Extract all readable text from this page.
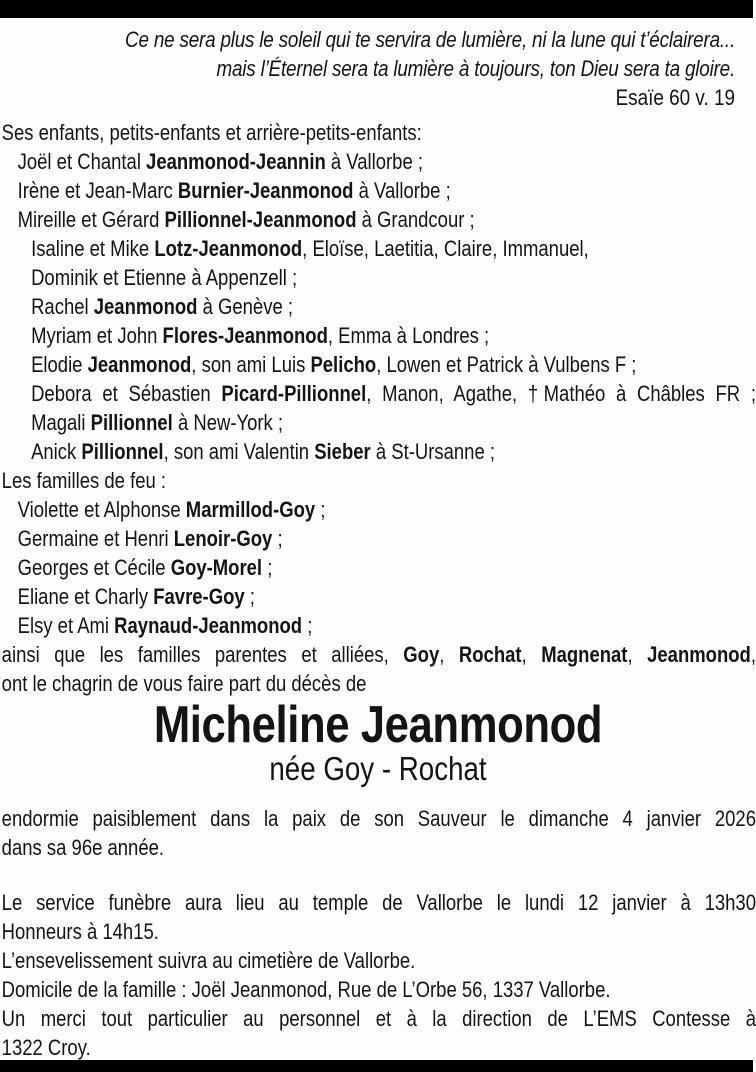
Ce ne sera plus le soleil qui te servira de lumière, ni la lune qui t’éclairera...
mais l’Éternel sera ta lumière à toujours, ton Dieu sera ta gloire.
Esaïe 60 v. 19
Ses enfants, petits-enfants et arrière-petits-enfants:
Joël et Chantal Jeanmonod-Jeannin à Vallorbe ;
Irène et Jean-Marc Burnier-Jeanmonod à Vallorbe ;
Mireille et Gérard Pillionnel-Jeanmonod à Grandcour ;
Isaline et Mike Lotz-Jeanmonod, Eloïse, Laetitia, Claire, Immanuel,
Dominik et Etienne à Appenzell ;
Rachel Jeanmonod à Genève ;
Myriam et John Flores-Jeanmonod, Emma à Londres ;
Elodie Jeanmonod, son ami Luis Pelicho, Lowen et Patrick à Vulbens F ;
Debora et Sébastien Picard-Pillionnel, Manon, Agathe, †Mathéo à Châbles FR ;
Magali Pillionnel à New-York ;
Anick Pillionnel, son ami Valentin Sieber à St-Ursanne ;
Les familles de feu :
Violette et Alphonse Marmillod-Goy ;
Germaine et Henri Lenoir-Goy ;
Georges et Cécile Goy-Morel ;
Eliane et Charly Favre-Goy ;
Elsy et Ami Raynaud-Jeanmonod ;
ainsi que les familles parentes et alliées, Goy, Rochat, Magnenat, Jeanmonod,
ont le chagrin de vous faire part du décès de
Micheline Jeanmonod
née Goy - Rochat
endormie paisiblement dans la paix de son Sauveur le dimanche 4 janvier 2026
dans sa 96e année.
Le service funèbre aura lieu au temple de Vallorbe le lundi 12 janvier à 13h30
Honneurs à 14h15.
L’ensevelissement suivra au cimetière de Vallorbe.
Domicile de la famille : Joël Jeanmonod, Rue de L’Orbe 56, 1337 Vallorbe.
Un merci tout particulier au personnel et à la direction de L’EMS Contesse à
1322 Croy.
